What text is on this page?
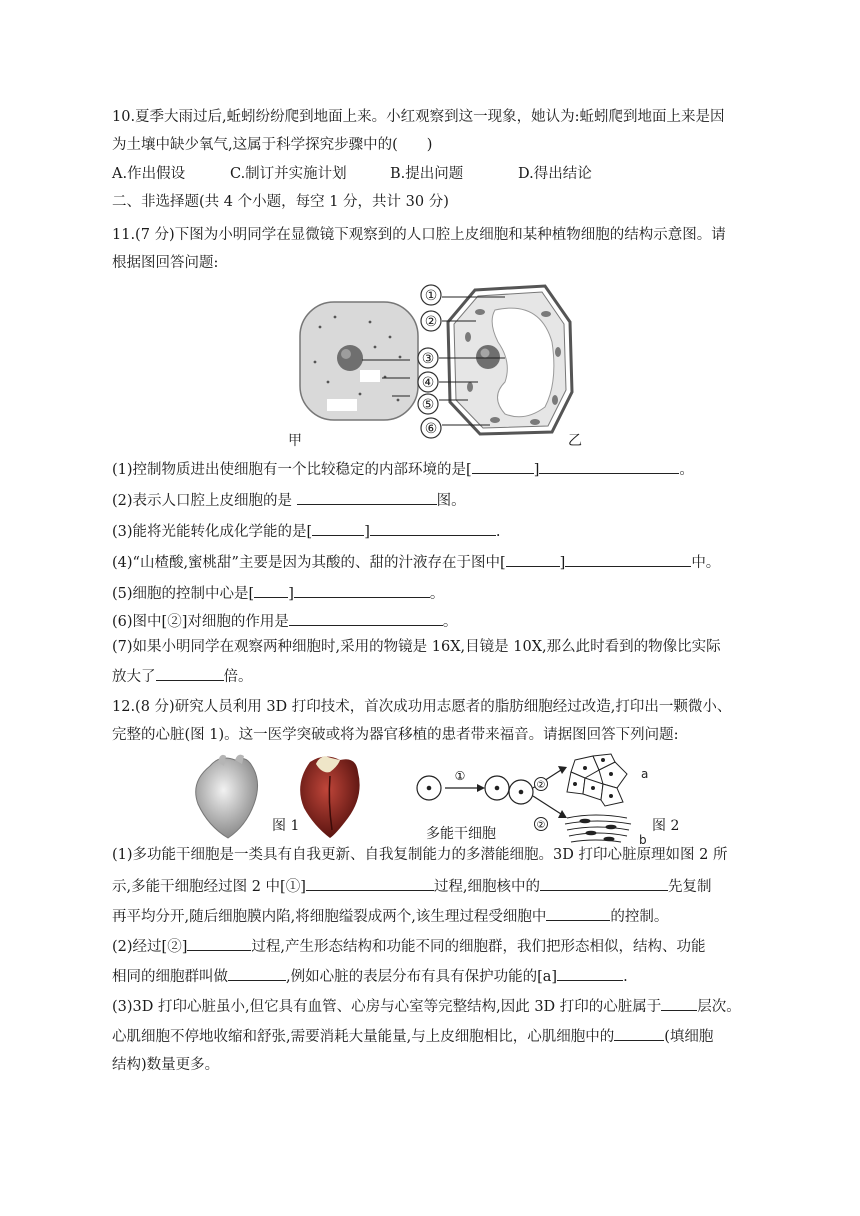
10.夏季大雨过后,蚯蚓纷纷爬到地面上来。小红观察到这一现象，她认为:蚯蚓爬到地面上来是因
为土壤中缺少氧气,这属于科学探究步骤中的(　　)
A.作出假设	C.制订并实施计划	B.提出问题	D.得出结论
二、非选择题(共 4 个小题，每空 1 分，共计 30 分)
11.(7 分)下图为小明同学在显微镜下观察到的人口腔上皮细胞和某种植物细胞的结构示意图。请
根据图回答问题:
①
②
③
④
⑤
⑥
甲	乙
(1)控制物质进出使细胞有一个比较稳定的内部环境的是[	]	。
(2)表示人口腔上皮细胞的是	图。
(3)能将光能转化成化学能的是[	]	.
(4)“山楂酸,蜜桃甜”主要是因为其酸的、甜的汁液存在于图中[	]	中。
(5)细胞的控制中心是[ ]	。
(6)图中[②]对细胞的作用是	。
(7)如果小明同学在观察两种细胞时,采用的物镜是 16X,目镜是 10X,那么此时看到的物像比实际
放大了	倍。
12.(8 分)研究人员利用 3D 打印技术，首次成功用志愿者的脂肪细胞经过改造,打印出一颗微小、
完整的心脏(图 1)。这一医学突破或将为器官移植的患者带来福音。请据图回答下列问题:
图 1
①
②
②
a
b
多能干细胞	图 2
(1)多功能干细胞是一类具有自我更新、自我复制能力的多潜能细胞。3D 打印心脏原理如图 2 所
示,多能干细胞经过图 2 中[①]	过程,细胞核中的	先复制
再平均分开,随后细胞膜内陷,将细胞缢裂成两个,该生理过程受细胞中	的控制。
(2)经过[②]	过程,产生形态结构和功能不同的细胞群，我们把形态相似，结构、功能
相同的细胞群叫做	,例如心脏的表层分布有具有保护功能的[a]	.
(3)3D 打印心脏虽小,但它具有血管、心房与心室等完整结构,因此 3D 打印的心脏属于 层次。
心肌细胞不停地收缩和舒张,需要消耗大量能量,与上皮细胞相比，心肌细胞中的	(填细胞
结构)数量更多。
